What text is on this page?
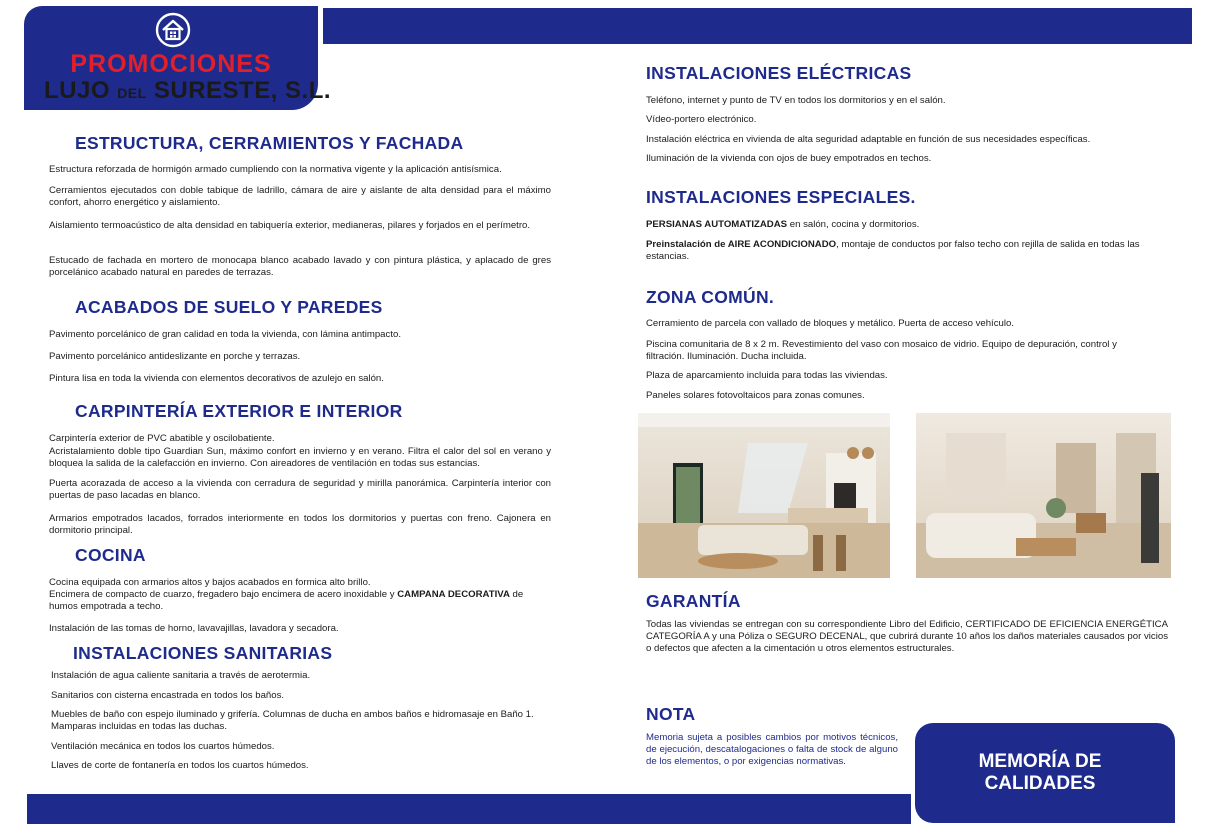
PROMOCIONES
LUJO DEL SURESTE, S.L.
MEMORÍA DE
CALIDADES
ESTRUCTURA, CERRAMIENTOS Y FACHADA

Estructura reforzada de hormigón armado cumpliendo con la normativa vigente y la aplicación antisísmica.

Cerramientos ejecutados con doble tabique de ladrillo, cámara de aire y aislante de alta densidad para el máximo confort, ahorro energético y aislamiento.

Aislamiento termoacústico de alta densidad en tabiquería exterior, medianeras, pilares y forjados en el perímetro.

Estucado de fachada en mortero de monocapa blanco acabado lavado y con pintura plástica, y aplacado de gres porcelánico acabado natural en paredes de terrazas.

ACABADOS DE SUELO Y PAREDES

Pavimento porcelánico de gran calidad en toda la vivienda, con lámina antimpacto.

Pavimento porcelánico antideslizante en porche y terrazas.

Pintura lisa en toda la vivienda con elementos decorativos de azulejo en salón.

CARPINTERÍA EXTERIOR E INTERIOR

Carpintería exterior de PVC abatible y oscilobatiente.

Acristalamiento doble tipo Guardian Sun, máximo confort en invierno y en verano. Filtra el calor del sol en verano y bloquea la salida de la calefacción en invierno. Con aireadores de ventilación en todas sus estancias.

Puerta acorazada de acceso a la vivienda con cerradura de seguridad y mirilla panorámica. Carpintería interior con puertas de paso lacadas en blanco.

Armarios empotrados lacados, forrados interiormente en todos los dormitorios y puertas con freno. Cajonera en dormitorio principal.

COCINA

Cocina equipada con armarios altos y bajos acabados en formica alto brillo.

Encimera de compacto de cuarzo, fregadero bajo encimera de acero inoxidable y CAMPANA DECORATIVA de humos empotrada a techo.

Instalación de las tomas de horno, lavavajillas, lavadora y secadora.

INSTALACIONES SANITARIAS

Instalación de agua caliente sanitaria a través de aerotermia.

Sanitarios con cisterna encastrada en todos los baños.

Muebles de baño con espejo iluminado y grifería. Columnas de ducha en ambos baños e hidromasaje en Baño 1. Mamparas incluidas en todas las duchas.

Ventilación mecánica en todos los cuartos húmedos.

Llaves de corte de fontanería en todos los cuartos húmedos.

INSTALACIONES ELÉCTRICAS

Teléfono, internet y punto de TV en todos los dormitorios y en el salón.

Vídeo-portero electrónico.

Instalación eléctrica en vivienda de alta seguridad adaptable en función de sus necesidades específicas.

Iluminación de la vivienda con ojos de buey empotrados en techos.

INSTALACIONES ESPECIALES.

PERSIANAS AUTOMATIZADAS en salón, cocina y dormitorios.

Preinstalación de AIRE ACONDICIONADO, montaje de conductos por falso techo con rejilla de salida en todas las estancias.

ZONA COMÚN.

Cerramiento de parcela con vallado de bloques y metálico. Puerta de acceso vehículo.

Piscina comunitaria de 8 x 2 m. Revestimiento del vaso con mosaico de vidrio. Equipo de depuración, control y filtración. Iluminación. Ducha incluida.

Plaza de aparcamiento incluida para todas las viviendas.

Paneles solares fotovoltaicos para zonas comunes.

GARANTÍA

Todas las viviendas se entregan con su correspondiente Libro del Edificio, CERTIFICADO DE EFICIENCIA ENERGÉTICA CATEGORÍA A y una Póliza o SEGURO DECENAL, que cubrirá durante 10 años los daños materiales causados por vicios o defectos que afecten a la cimentación u otros elementos estructurales.

NOTA

Memoria sujeta a posibles cambios por motivos técnicos, de ejecución, descatalogaciones o falta de stock de alguno de los elementos, o por exigencias normativas.
